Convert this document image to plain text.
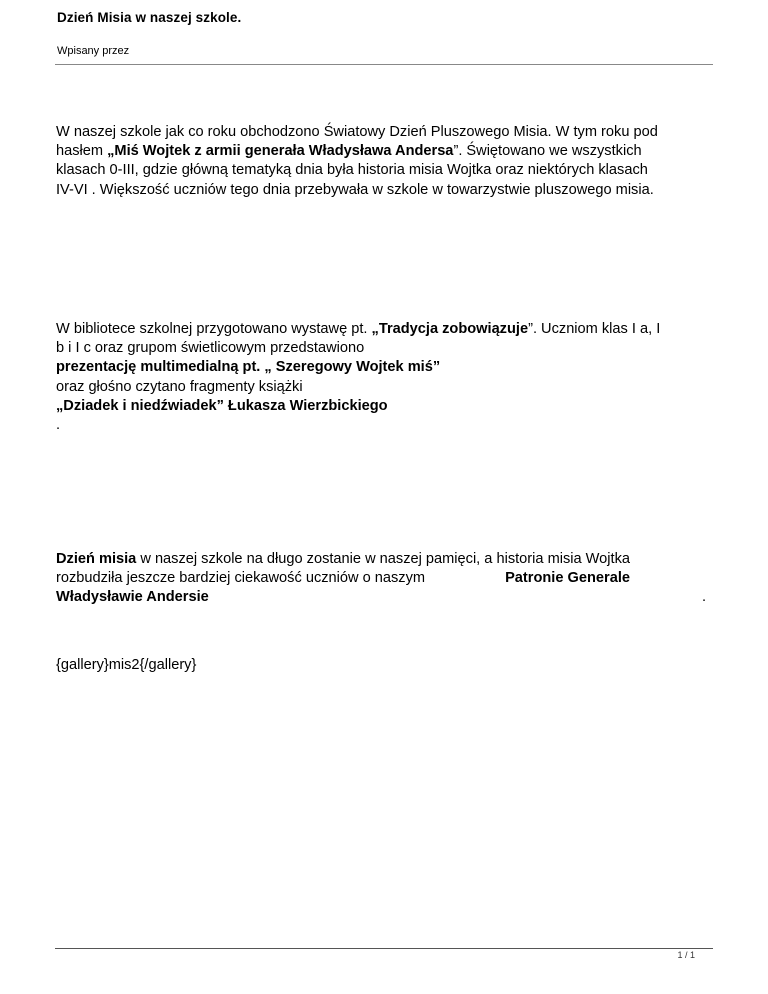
Dzień Misia w naszej szkole.
Wpisany przez
W naszej szkole jak co roku obchodzono Światowy Dzień Pluszowego Misia. W tym roku pod
hasłem „Miś Wojtek z armii generała Władysława Andersa”. Świętowano we wszystkich
klasach 0-III, gdzie główną tematyką dnia była historia misia Wojtka oraz niektórych klasach
IV-VI . Większość uczniów tego dnia przebywała w szkole w towarzystwie pluszowego misia.
W bibliotece szkolnej przygotowano wystawę pt. „Tradycja zobowiązuje”. Uczniom klas I a, I
b i I c oraz grupom świetlicowym przedstawiono
prezentację multimedialną pt. „ Szeregowy Wojtek miś”
oraz głośno czytano fragmenty książki
„Dziadek i niedźwiadek” Łukasza Wierzbickiego
.
Dzień misia w naszej szkole na długo zostanie w naszej pamięci, a historia misia Wojtka
rozbudziła jeszcze bardziej ciekawość uczniów o naszym	Patronie Generale
Władysławie Andersie	.
{gallery}mis2{/gallery}
1 / 1
